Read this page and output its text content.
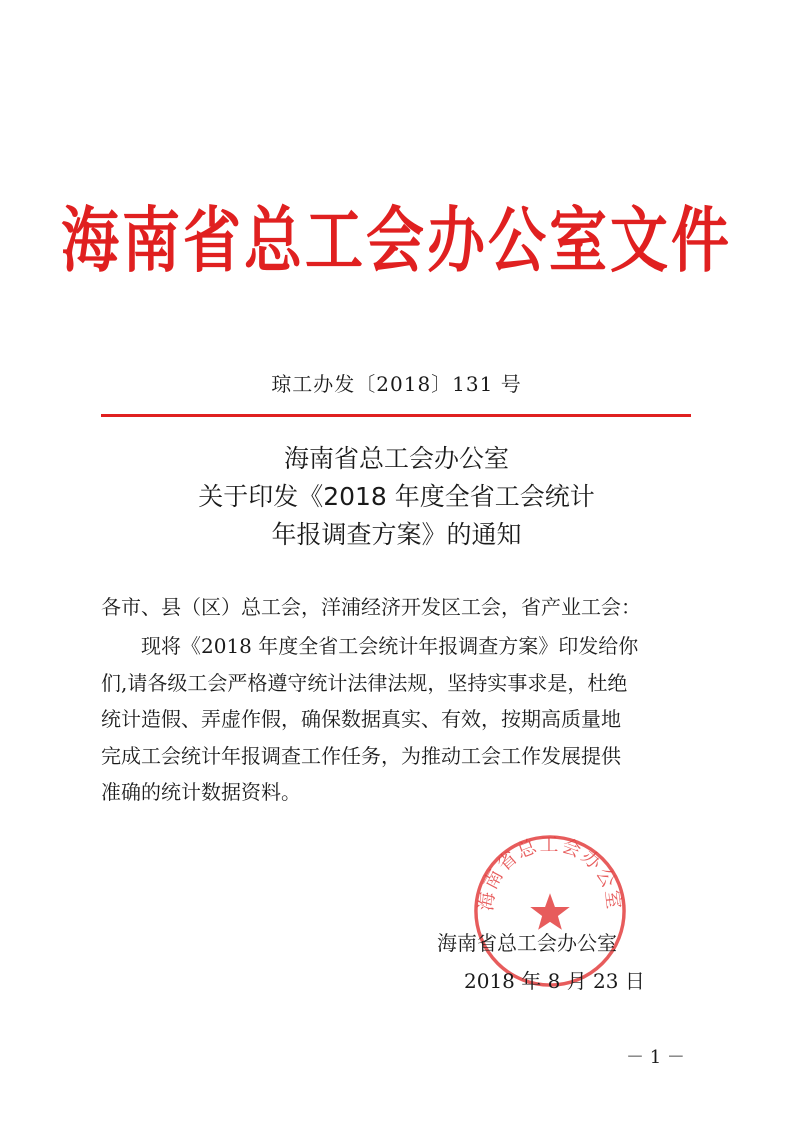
海南省总工会办公室文件
琼工办发〔2018〕131 号
海南省总工会办公室
关于印发《2018 年度全省工会统计
年报调查方案》的通知
各市、县（区）总工会，洋浦经济开发区工会，省产业工会：
现将《2018 年度全省工会统计年报调查方案》印发给你
们,请各级工会严格遵守统计法律法规，坚持实事求是，杜绝
统计造假、弄虚作假，确保数据真实、有效，按期高质量地
完成工会统计年报调查工作任务，为推动工会工作发展提供
准确的统计数据资料。
海南省总工会办公室
海南省总工会办公室
2018 年 8 月 23 日
－ 1 －
